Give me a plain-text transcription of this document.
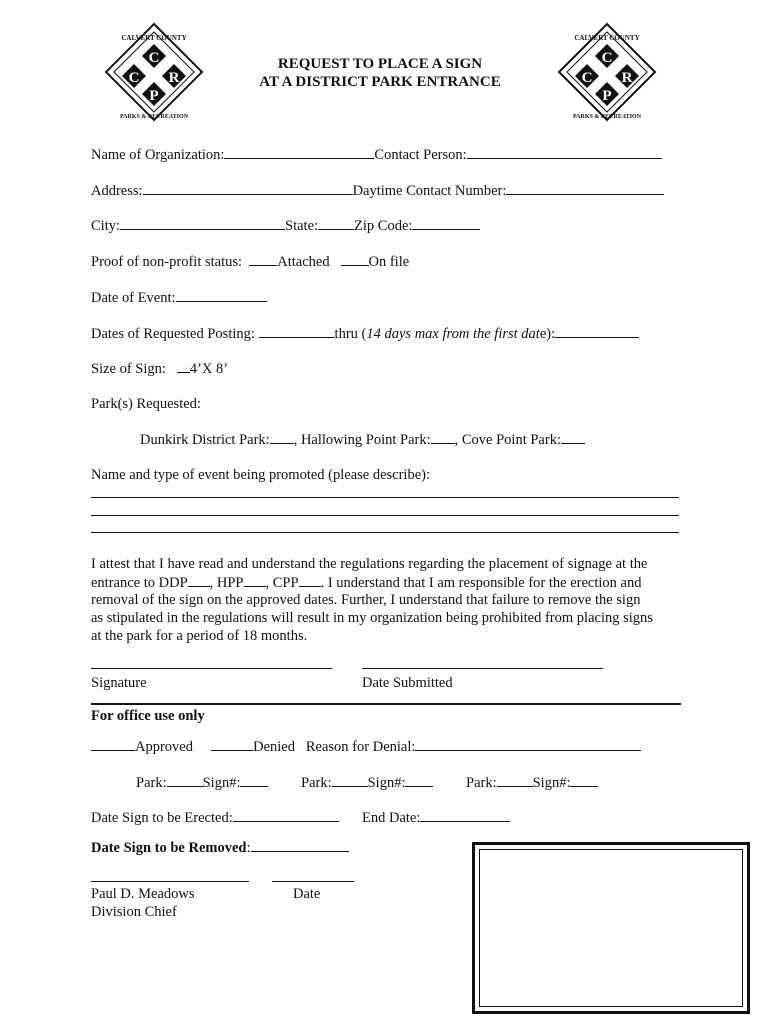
C
C R
P
CALVERT COUNTY
PARKS & RECREATION
C
C R
P
CALVERT COUNTY
PARKS & RECREATION
REQUEST TO PLACE A SIGN
AT A DISTRICT PARK ENTRANCE
Name of Organization:	Contact Person:
Address:	Daytime Contact Number:
City:	State: Zip Code:
Proof of non-profit status: Attached	On file
Date of Event:
Dates of Requested Posting:	thru (14 days max from the first date):
Size of Sign: 4’X 8’
Park(s) Requested:
Dunkirk District Park: , Hallowing Point Park: , Cove Point Park:
Name and type of event being promoted (please describe):
I attest that I have read and understand the regulations regarding the placement of signage at the
entrance to DDP , HPP , CPP . I understand that I am responsible for the erection and
removal of the sign on the approved dates. Further, I understand that failure to remove the sign
as stipulated in the regulations will result in my organization being prohibited from placing signs
at the park for a period of 18 months.
Signature	Date Submitted
For office use only
Approved	Denied Reason for Denial:
Park: Sign#:	Park: Sign#:	Park: Sign#:
Date Sign to be Erected:	End Date:
Date Sign to be Removed:
Paul D. Meadows	Date
Division Chief
